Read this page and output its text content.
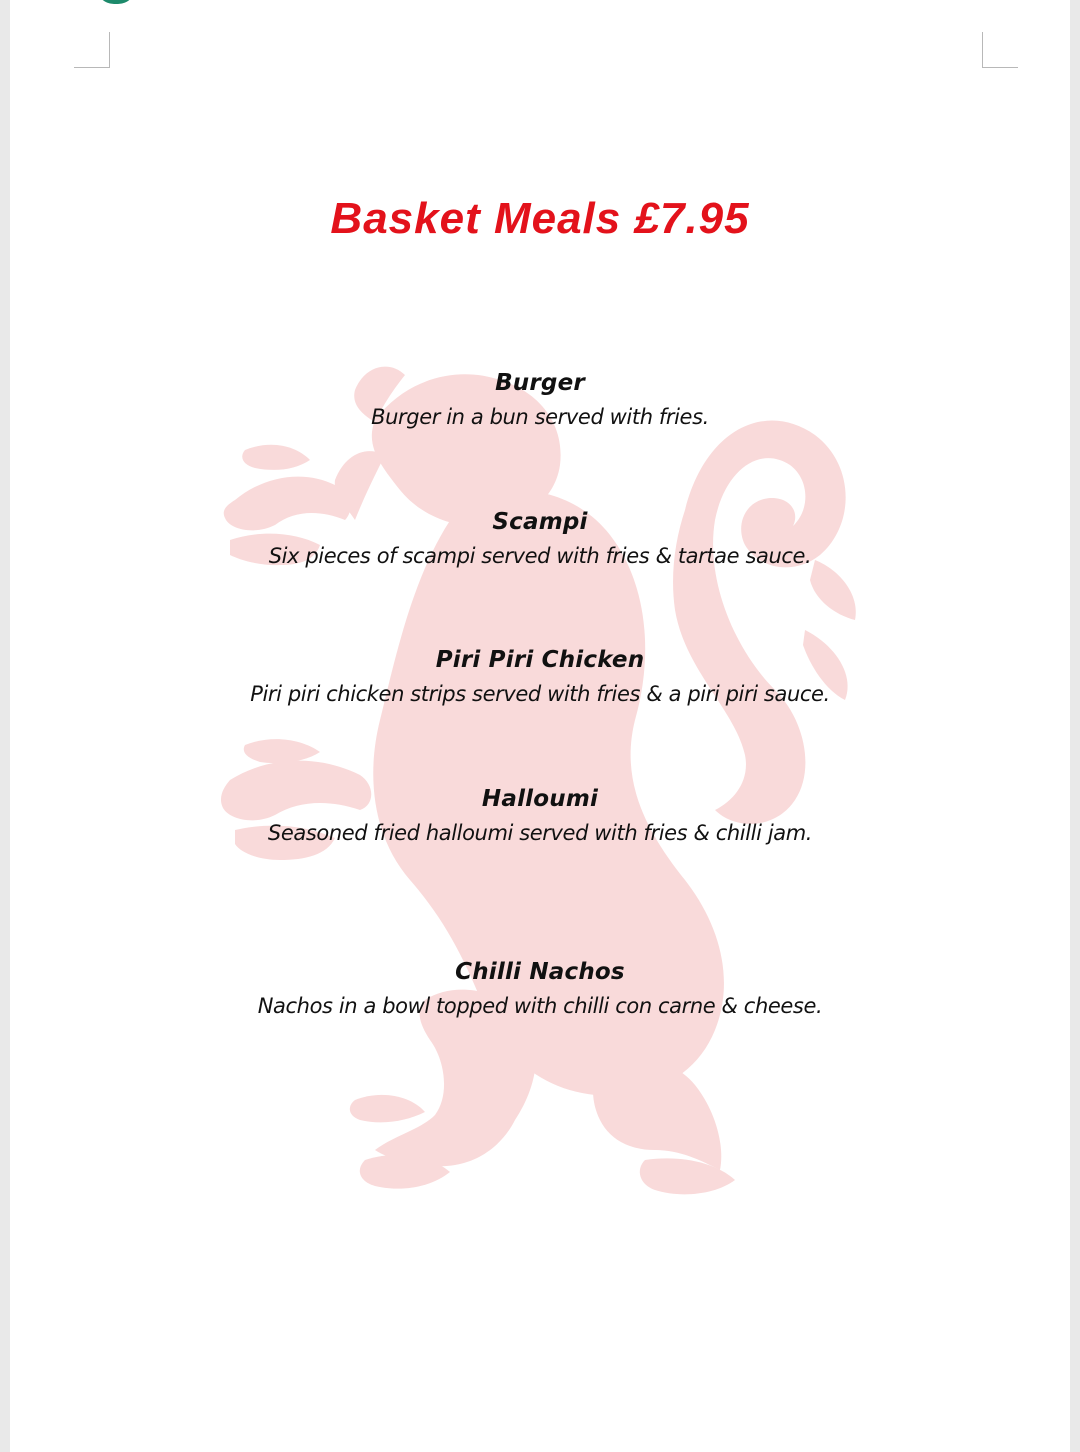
Basket Meals £7.95
Burger
Burger in a bun served with fries.
Scampi
Six pieces of scampi served with fries & tartae sauce.
Piri Piri Chicken
Piri piri chicken strips served with fries & a piri piri sauce.
Halloumi
Seasoned fried halloumi served with fries & chilli jam.
Chilli Nachos
Nachos in a bowl topped with chilli con carne & cheese.
